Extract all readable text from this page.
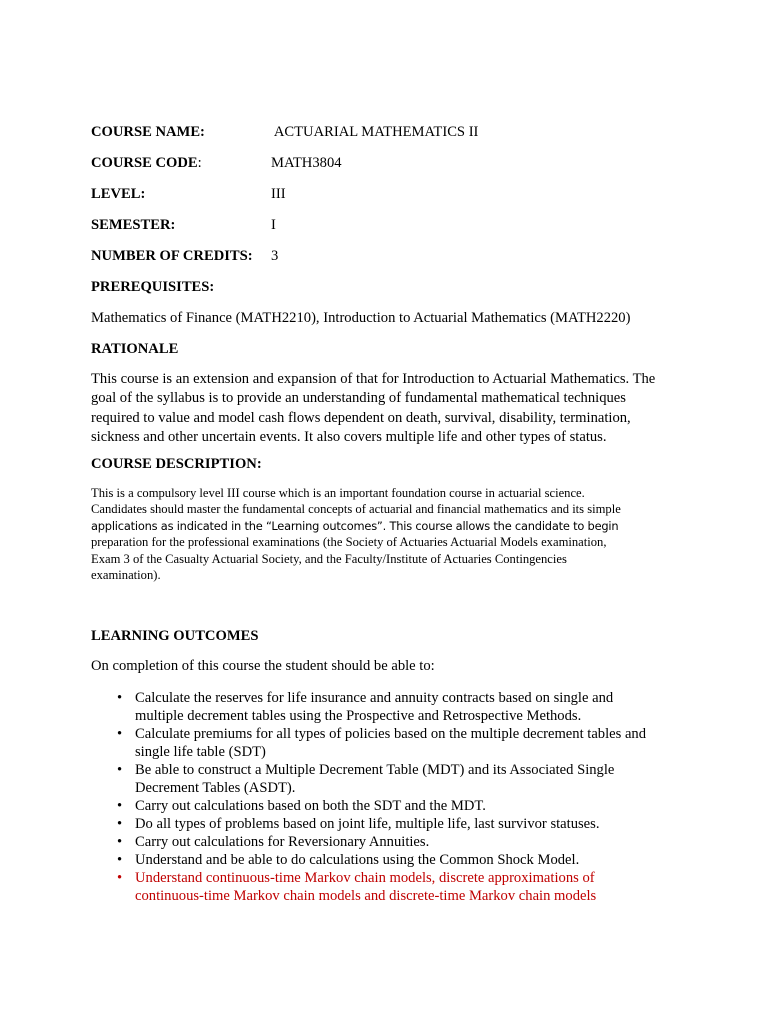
COURSE NAME:	ACTUARIAL MATHEMATICS II
COURSE CODE:	MATH3804
LEVEL:	III
SEMESTER:	I
NUMBER OF CREDITS: 3
PREREQUISITES:
Mathematics of Finance (MATH2210), Introduction to Actuarial Mathematics (MATH2220)
RATIONALE
This course is an extension and expansion of that for Introduction to Actuarial Mathematics. The
goal of the syllabus is to provide an understanding of fundamental mathematical techniques
required to value and model cash flows dependent on death, survival, disability, termination,
sickness and other uncertain events. It also covers multiple life and other types of status.
COURSE DESCRIPTION:
This is a compulsory level III course which is an important foundation course in actuarial science.
Candidates should master the fundamental concepts of actuarial and financial mathematics and its simple
applications as indicated in the “Learning outcomes”. This course allows the candidate to begin
preparation for the professional examinations (the Society of Actuaries Actuarial Models examination,
Exam 3 of the Casualty Actuarial Society, and the Faculty/Institute of Actuaries Contingencies
examination).
LEARNING OUTCOMES
On completion of this course the student should be able to:
• Calculate the reserves for life insurance and annuity contracts based on single and
multiple decrement tables using the Prospective and Retrospective Methods.
• Calculate premiums for all types of policies based on the multiple decrement tables and
single life table (SDT)
• Be able to construct a Multiple Decrement Table (MDT) and its Associated Single
Decrement Tables (ASDT).
• Carry out calculations based on both the SDT and the MDT.
• Do all types of problems based on joint life, multiple life, last survivor statuses.
• Carry out calculations for Reversionary Annuities.
• Understand and be able to do calculations using the Common Shock Model.
• Understand continuous-time Markov chain models, discrete approximations of
continuous-time Markov chain models and discrete-time Markov chain models
